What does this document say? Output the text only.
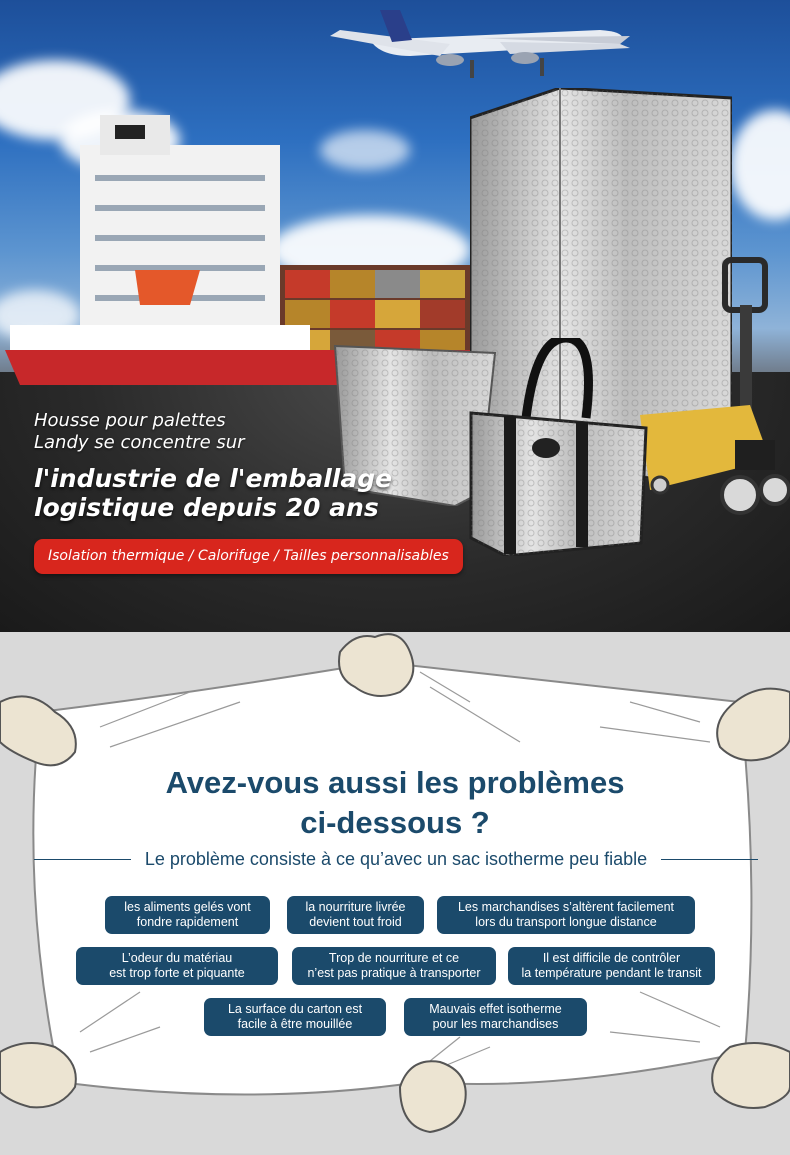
Housse pour palettes
Landy se concentre sur
l'industrie de l'emballage
logistique depuis 20 ans
Isolation thermique / Calorifuge / Tailles personnalisables
Avez-vous aussi les problèmes
ci-dessous ?
Le problème consiste à ce qu’avec un sac isotherme peu fiable
les aliments gelés vont
fondre rapidement
la nourriture livrée
devient tout froid
Les marchandises s’altèrent facilement
lors du transport longue distance
L’odeur du matériau
est trop forte et piquante
Trop de nourriture et ce
n’est pas pratique à transporter
Il est difficile de contrôler
la température pendant le transit
La surface du carton est
facile à être mouillée
Mauvais effet isotherme
pour les marchandises
